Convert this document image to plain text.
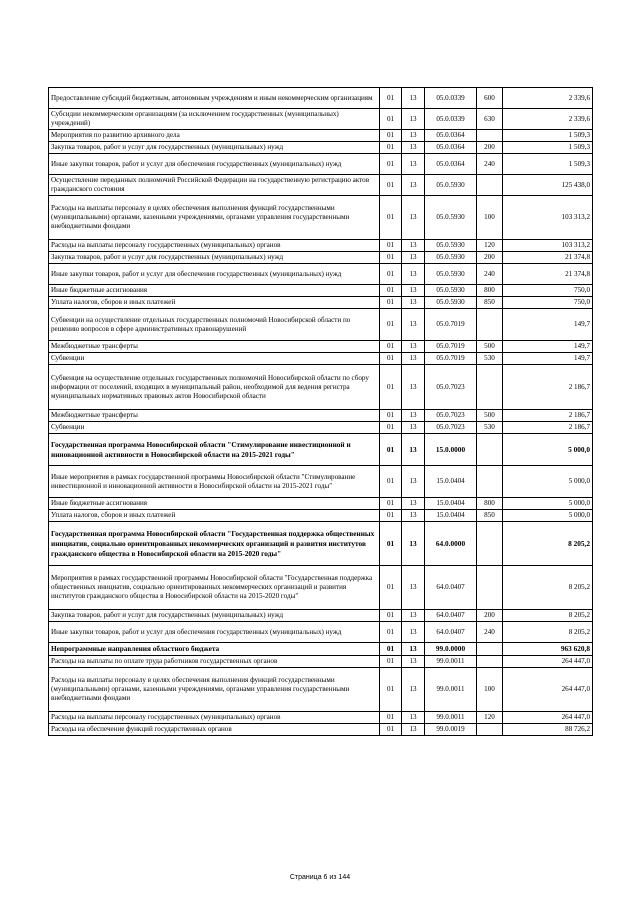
Предоставление субсидий бюджетным, автономным учреждениям и иным некоммерческим организациям	01	13	05.0.0339	600	2 339,6
Субсидии некоммерческим организациям (за исключением государственных (муниципальных) учреждений)	01	13	05.0.0339	630	2 339,6
Мероприятия по развитию архивного дела	01	13	05.0.0364		1 509,3
Закупка товаров, работ и услуг для государственных (муниципальных) нужд	01	13	05.0.0364	200	1 509,3
Иные закупки товаров, работ и услуг для обеспечения государственных (муниципальных) нужд	01	13	05.0.0364	240	1 509,3
Осуществление переданных полномочий Российской Федерации на государственную регистрацию актов гражданского состояния	01	13	05.0.5930		125 438,0
Расходы на выплаты персоналу в целях обеспечения выполнения функций государственными (муниципальными) органами, казенными учреждениями, органами управления государственными внебюджетными фондами	01	13	05.0.5930	100	103 313,2
Расходы на выплаты персоналу государственных (муниципальных) органов	01	13	05.0.5930	120	103 313,2
Закупка товаров, работ и услуг для государственных (муниципальных) нужд	01	13	05.0.5930	200	21 374,8
Иные закупки товаров, работ и услуг для обеспечения государственных (муниципальных) нужд	01	13	05.0.5930	240	21 374,8
Иные бюджетные ассигнования	01	13	05.0.5930	800	750,0
Уплата налогов, сборов и иных платежей	01	13	05.0.5930	850	750,0
Субвенции на осуществление отдельных государственных полномочий Новосибирской области по решению вопросов в сфере административных правонарушений	01	13	05.0.7019		149,7
Межбюджетные трансферты	01	13	05.0.7019	500	149,7
Субвенции	01	13	05.0.7019	530	149,7
Субвенция на осуществление отдельных государственных полномочий Новосибирской области по сбору информации от поселений, входящих в муниципальный район, необходимой для ведения регистра муниципальных нормативных правовых актов Новосибирской области	01	13	05.0.7023		2 186,7
Межбюджетные трансферты	01	13	05.0.7023	500	2 186,7
Субвенции	01	13	05.0.7023	530	2 186,7
Государственная программа Новосибирской области "Стимулирование инвестиционной и инновационной активности в Новосибирской области на 2015-2021 годы"	01	13	15.0.0000		5 000,0
Иные мероприятия в рамках государственной программы Новосибирской области "Стимулирование инвестиционной и инновационной активности в Новосибирской области на 2015-2021 годы"	01	13	15.0.0404		5 000,0
Иные бюджетные ассигнования	01	13	15.0.0404	800	5 000,0
Уплата налогов, сборов и иных платежей	01	13	15.0.0404	850	5 000,0
Государственная программа Новосибирской области "Государственная поддержка общественных инициатив, социально ориентированных некоммерческих организаций и развития институтов гражданского общества в Новосибирской области на 2015-2020 годы"	01	13	64.0.0000		8 205,2
Мероприятия в рамках государственной программы Новосибирской области "Государственная поддержка общественных инициатив, социально ориентированных некоммерческих организаций и развития институтов гражданского общества в Новосибирской области на 2015-2020 годы"	01	13	64.0.0407		8 205,2
Закупка товаров, работ и услуг для государственных (муниципальных) нужд	01	13	64.0.0407	200	8 205,2
Иные закупки товаров, работ и услуг для обеспечения государственных (муниципальных) нужд	01	13	64.0.0407	240	8 205,2
Непрограммные направления областного бюджета	01	13	99.0.0000		963 620,8
Расходы на выплаты по оплате труда работников государственных органов	01	13	99.0.0011		264 447,0
Расходы на выплаты персоналу в целях обеспечения выполнения функций государственными (муниципальными) органами, казенными учреждениями, органами управления государственными внебюджетными фондами	01	13	99.0.0011	100	264 447,0
Расходы на выплаты персоналу государственных (муниципальных) органов	01	13	99.0.0011	120	264 447,0
Расходы на обеспечение функций государственных органов	01	13	99.0.0019		88 726,2
Страница 6 из 144
